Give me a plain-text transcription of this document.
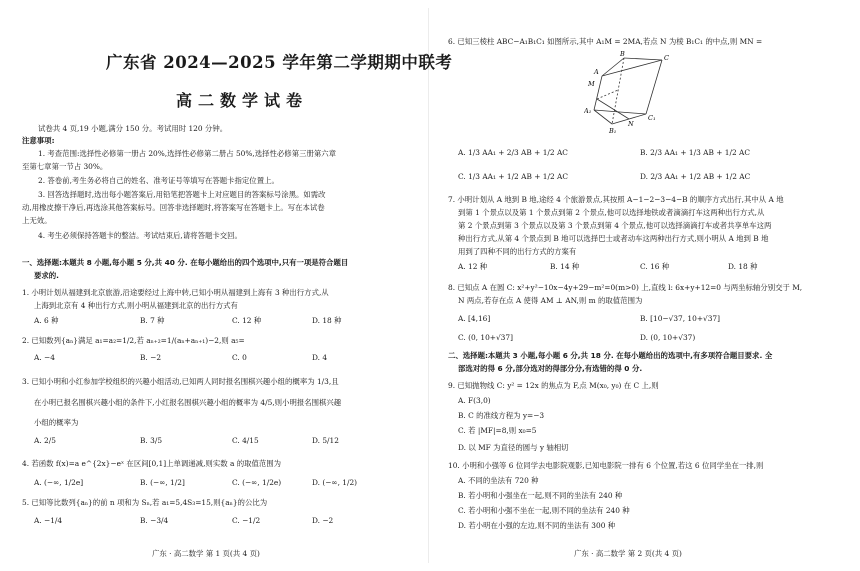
广东省 2024—2025 学年第二学期期中联考
高二数学试卷
试卷共 4 页,19 小题,满分 150 分。考试用时 120 分钟。
注意事项:
1. 考查范围:选择性必修第一册占 20%,选择性必修第二册占 50%,选择性必修第三册第六章
至第七章第一节占 30%。
2. 答卷前,考生务必将自己的姓名、准考证号等填写在答题卡指定位置上。
3. 回答选择题时,选出每小题答案后,用铅笔把答题卡上对应题目的答案标号涂黑。如需改
动,用橡皮擦干净后,再选涂其他答案标号。回答非选择题时,将答案写在答题卡上。写在本试卷
上无效。
4. 考生必须保持答题卡的整洁。考试结束后,请将答题卡交回。
一、选择题:本题共 8 小题,每小题 5 分,共 40 分. 在每小题给出的四个选项中,只有一项是符合题目
要求的.
1. 小明计划从福建到北京旅游,沿途要经过上海中转,已知小明从福建到上海有 3 种出行方式,从
上海到北京有 4 种出行方式,则小明从福建到北京的出行方式有
A. 6 种	B. 7 种	C. 12 种	D. 18 种
2. 已知数列{aₙ}满足 a₁=a₂=1/2,若 aₙ₊₂=1/(aₙ+aₙ₊₁)−2,则 a₅=
A. −4	B. −2	C. 0	D. 4
3. 已知小明和小红参加学校组织的兴趣小组活动,已知两人同时报名围棋兴趣小组的概率为 1/3,且
在小明已报名围棋兴趣小组的条件下,小红报名围棋兴趣小组的概率为 4/5,则小明报名围棋兴趣
小组的概率为
A. 2/5	B. 3/5	C. 4/15	D. 5/12
4. 若函数 f(x)=a e^{2x}−eˣ 在区间[0,1]上单调递减,则实数 a 的取值范围为
A. (−∞, 1/2e]	B. (−∞, 1/2]	C. (−∞, 1/2e)	D. (−∞, 1/2)
5. 已知等比数列{aₙ}的前 n 项和为 Sₙ,若 a₁=5,4S₃=15,则{aₙ}的公比为
A. −1/4	B. −3/4	C. −1/2	D. −2
广东 · 高二数学 第 1 页(共 4 页)
6. 已知三棱柱 ABC−A₁B₁C₁ 如图所示,其中 A₁M = 2MA,若点 N 为棱 B₁C₁ 的中点,则 MN =
M
A
B	C
A₁
B₁
C₁
N
A. 1/3 AA₁ + 2/3 AB + 1/2 AC	B. 2/3 AA₁ + 1/3 AB + 1/2 AC
C. 1/3 AA₁ + 1/2 AB + 1/2 AC	D. 2/3 AA₁ + 1/2 AB + 1/2 AC
7. 小明计划从 A 地到 B 地,途经 4 个旅游景点,其按照 A−1−2−3−4−B 的顺序方式出行,其中从 A 地
到第 1 个景点以及第 1 个景点到第 2 个景点,他可以选择地铁或者滴滴打车这两种出行方式,从
第 2 个景点到第 3 个景点以及第 3 个景点到第 4 个景点,他可以选择滴滴打车或者共享单车这两
种出行方式,从第 4 个景点到 B 地可以选择巴士或者动车这两种出行方式,则小明从 A 地到 B 地
用到了四种不同的出行方式的方案有
A. 12 种	B. 14 种	C. 16 种	D. 18 种
8. 已知点 A 在圆 C: x²+y²−10x−4y+29−m²=0(m>0) 上,直线 l: 6x+y+12=0 与两坐标轴分别交于 M,
N 两点,若存在点 A 使得 AM ⊥ AN,则 m 的取值范围为
A. [4,16]	B. [10−√37, 10+√37]
C. (0, 10+√37]	D. (0, 10+√37)
二、选择题:本题共 3 小题,每小题 6 分,共 18 分. 在每小题给出的选项中,有多项符合题目要求. 全
部选对的得 6 分,部分选对的得部分分,有选错的得 0 分.
9. 已知抛物线 C: y² = 12x 的焦点为 F,点 M(x₀, y₀) 在 C 上,则
A. F(3,0)
B. C 的准线方程为 y=−3
C. 若 |MF|=8,则 x₀=5
D. 以 MF 为直径的圆与 y 轴相切
10. 小明和小强等 6 位同学去电影院观影,已知电影院一排有 6 个位置,若这 6 位同学坐在一排,则
A. 不同的坐法有 720 种
B. 若小明和小强坐在一起,则不同的坐法有 240 种
C. 若小明和小强不坐在一起,则不同的坐法有 240 种
D. 若小明在小强的左边,则不同的坐法有 300 种
广东 · 高二数学 第 2 页(共 4 页)
